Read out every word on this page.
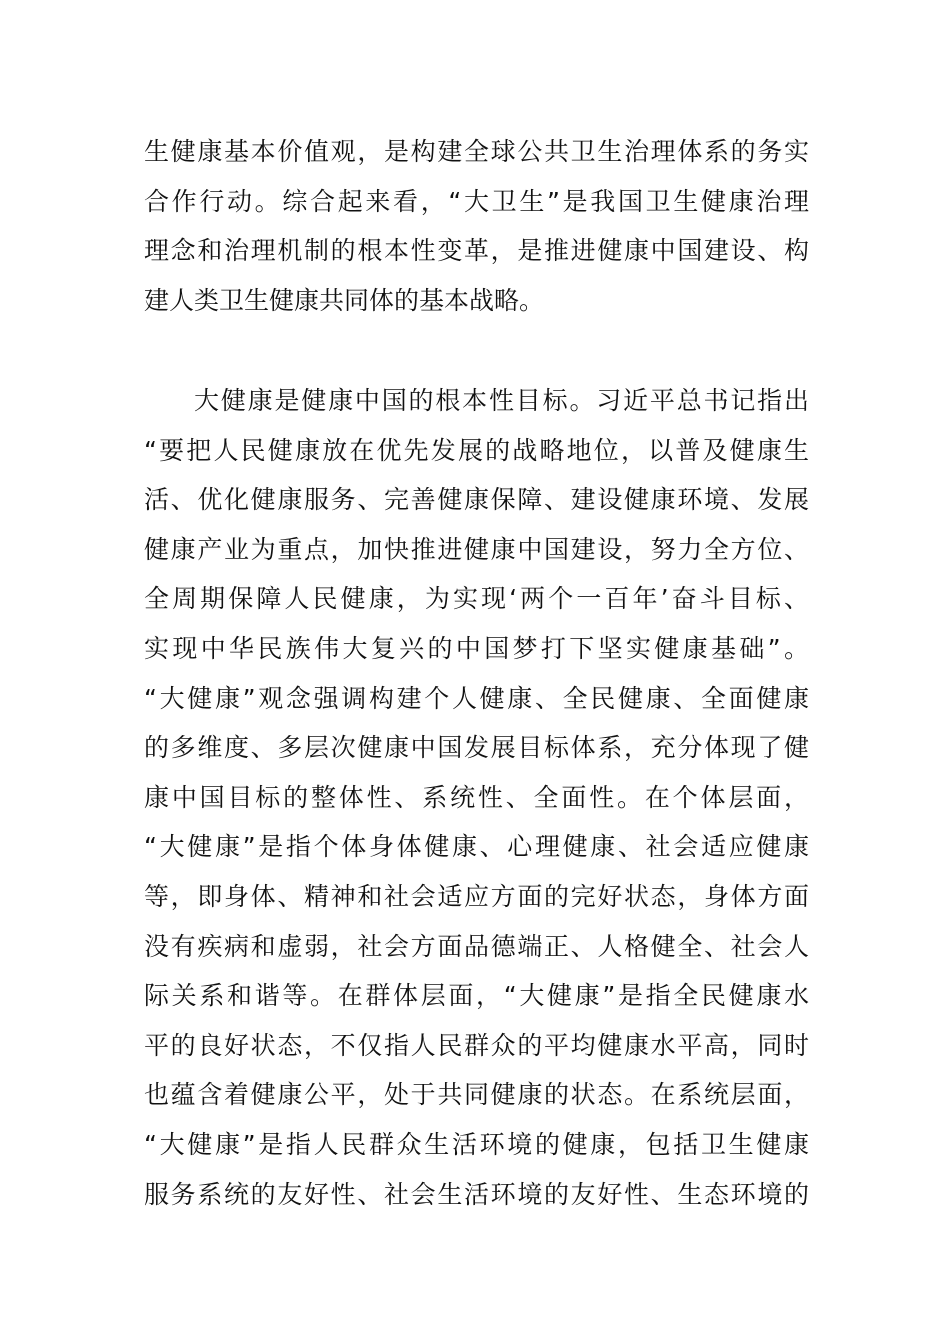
生健康基本价值观，是构建全球公共卫生治理体系的务实
合作行动。综合起来看，“大卫生”是我国卫生健康治理
理念和治理机制的根本性变革，是推进健康中国建设、构
建人类卫生健康共同体的基本战略。
大健康是健康中国的根本性目标。习近平总书记指出
“要把人民健康放在优先发展的战略地位，以普及健康生
活、优化健康服务、完善健康保障、建设健康环境、发展
健康产业为重点，加快推进健康中国建设，努力全方位、
全周期保障人民健康，为实现‘两个一百年’奋斗目标、
实现中华民族伟大复兴的中国梦打下坚实健康基础”。
“大健康”观念强调构建个人健康、全民健康、全面健康
的多维度、多层次健康中国发展目标体系，充分体现了健
康中国目标的整体性、系统性、全面性。在个体层面，
“大健康”是指个体身体健康、心理健康、社会适应健康
等，即身体、精神和社会适应方面的完好状态，身体方面
没有疾病和虚弱，社会方面品德端正、人格健全、社会人
际关系和谐等。在群体层面，“大健康”是指全民健康水
平的良好状态，不仅指人民群众的平均健康水平高，同时
也蕴含着健康公平，处于共同健康的状态。在系统层面，
“大健康”是指人民群众生活环境的健康，包括卫生健康
服务系统的友好性、社会生活环境的友好性、生态环境的
